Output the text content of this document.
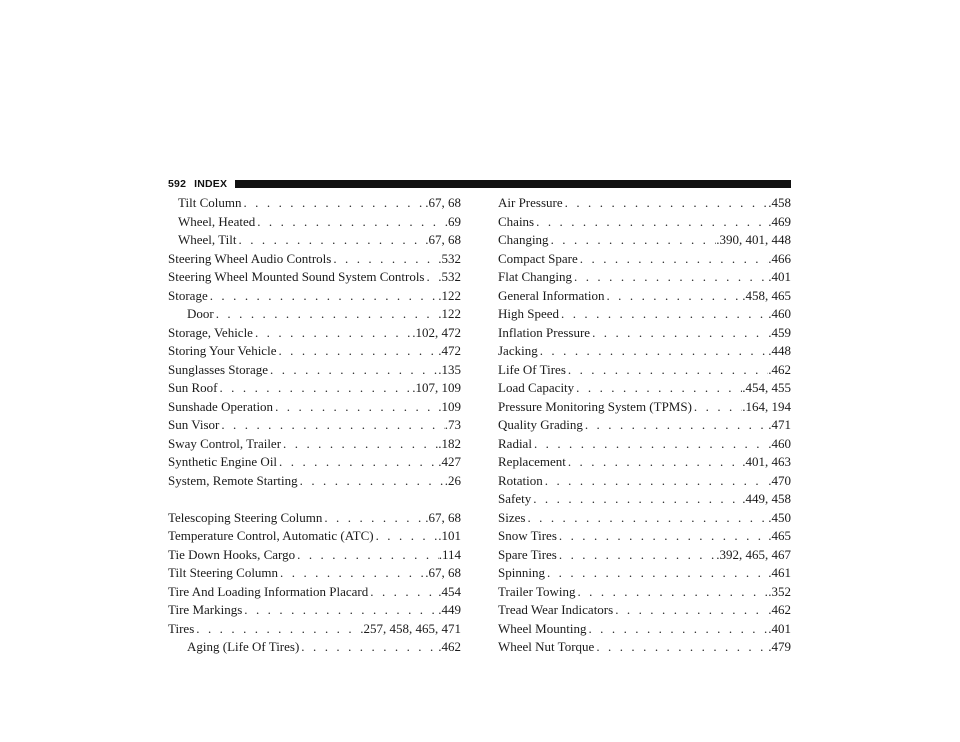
592 INDEX
Tilt Column . . .	.67, 68
Wheel, Heated . . .	.69
Wheel, Tilt . . .	.67, 68
Steering Wheel Audio Controls . . .	.532
Steering Wheel Mounted Sound System Controls . . . .532
Storage . . .	.122
Door . . .	.122
Storage, Vehicle . . .	.102, 472
Storing Your Vehicle . . .	.472
Sunglasses Storage . . .	.135
Sun Roof . . .	.107, 109
Sunshade Operation . . .	.109
Sun Visor . . .	.73
Sway Control, Trailer . . .	.182
Synthetic Engine Oil . . .	.427
System, Remote Starting . . .	.26
Telescoping Steering Column . . .	.67, 68
Temperature Control, Automatic (ATC) . . .	.101
Tie Down Hooks, Cargo . . .	.114
Tilt Steering Column . . .	.67, 68
Tire And Loading Information Placard . . .	.454
Tire Markings . . .	.449
Tires . . .	.257, 458, 465, 471
Aging (Life Of Tires) . . .	.462
Air Pressure . . .	.458
Chains . . .	.469
Changing . . .	.390, 401, 448
Compact Spare . . .	.466
Flat Changing . . .	.401
General Information . . .	.458, 465
High Speed . . .	.460
Inflation Pressure . . .	.459
Jacking . . .	.448
Life Of Tires . . .	.462
Load Capacity . . .	.454, 455
Pressure Monitoring System (TPMS) . . .	.164, 194
Quality Grading . . .	.471
Radial . . .	.460
Replacement . . .	.401, 463
Rotation . . .	.470
Safety . . .	.449, 458
Sizes . . .	.450
Snow Tires . . .	.465
Spare Tires . . .	.392, 465, 467
Spinning . . .	.461
Trailer Towing . . .	.352
Tread Wear Indicators . . .	.462
Wheel Mounting . . .	.401
Wheel Nut Torque . . .	.479
